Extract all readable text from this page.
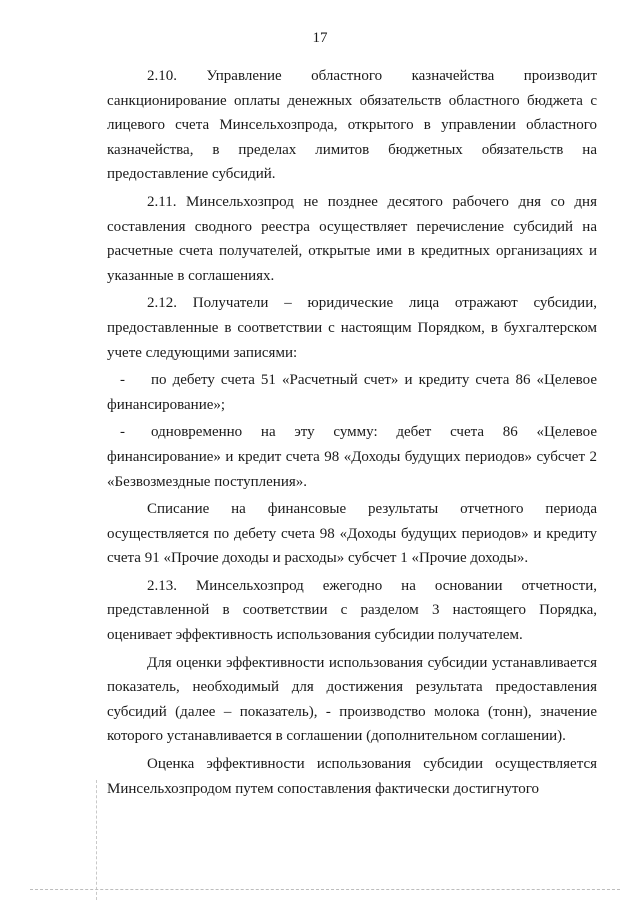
17

2.10. Управление областного казначейства производит санкционирование оплаты денежных обязательств областного бюджета с лицевого счета Минсельхозпрода, открытого в управлении областного казначейства, в пределах лимитов бюджетных обязательств на предоставление субсидий.

2.11. Минсельхозпрод не позднее десятого рабочего дня со дня составления сводного реестра осуществляет перечисление субсидий на расчетные счета получателей, открытые ими в кредитных организациях и указанные в соглашениях.

2.12. Получатели – юридические лица отражают субсидии, предоставленные в соответствии с настоящим Порядком, в бухгалтерском учете следующими записями:

- по дебету счета 51 «Расчетный счет» и кредиту счета 86 «Целевое финансирование»;
- одновременно на эту сумму: дебет счета 86 «Целевое финансирование» и кредит счета 98 «Доходы будущих периодов» субсчет 2 «Безвозмездные поступления».

Списание на финансовые результаты отчетного периода осуществляется по дебету счета 98 «Доходы будущих периодов» и кредиту счета 91 «Прочие доходы и расходы» субсчет 1 «Прочие доходы».

2.13. Минсельхозпрод ежегодно на основании отчетности, представленной в соответствии с разделом 3 настоящего Порядка, оценивает эффективность использования субсидии получателем.

Для оценки эффективности использования субсидии устанавливается показатель, необходимый для достижения результата предоставления субсидий (далее – показатель), - производство молока (тонн), значение которого устанавливается в соглашении (дополнительном соглашении).

Оценка эффективности использования субсидии осуществляется Минсельхозпродом путем сопоставления фактически достигнутого
